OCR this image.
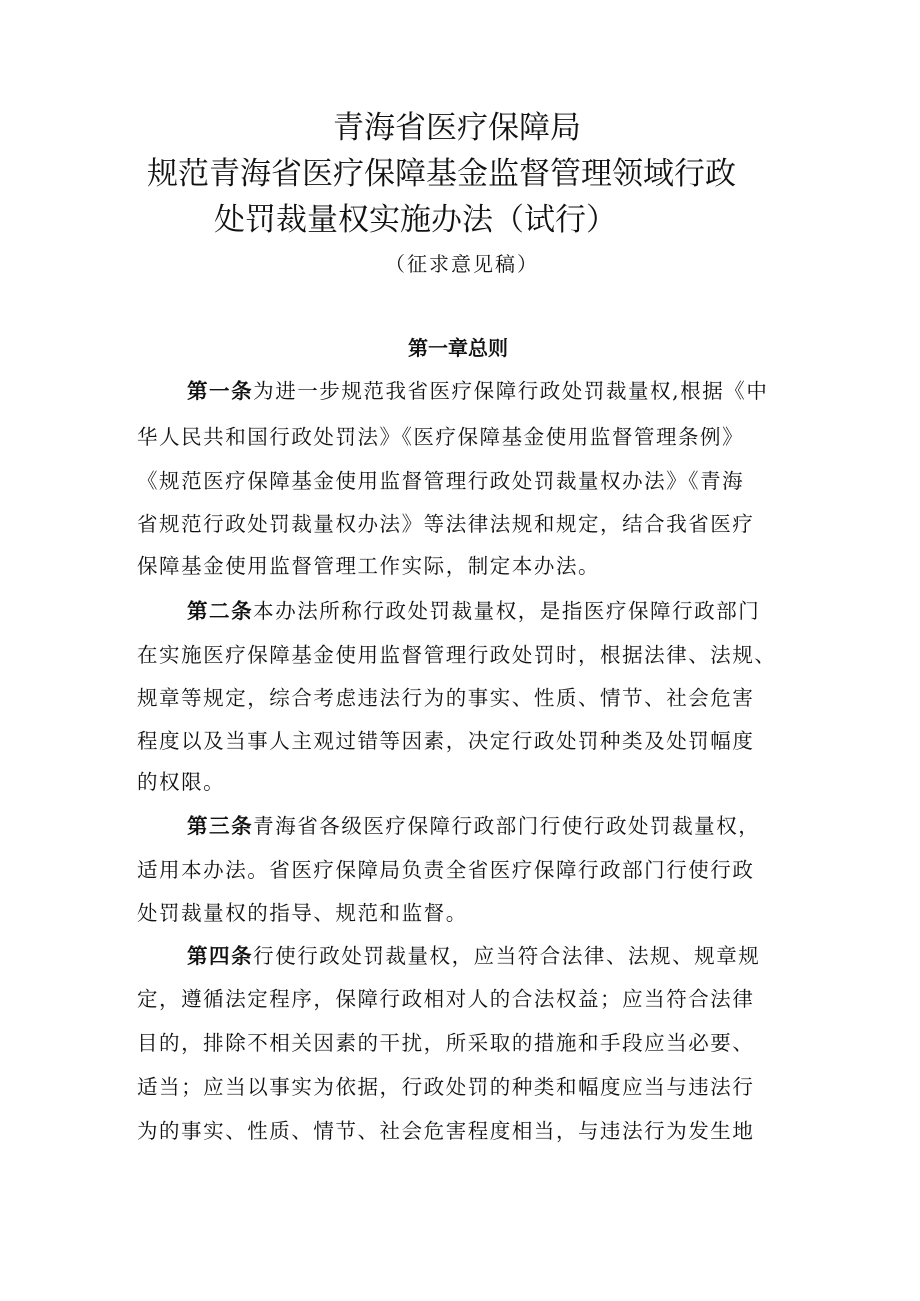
青海省医疗保障局
规范青海省医疗保障基金监督管理领域行政
处罚裁量权实施办法（试行）
（征求意见稿）
第一章总则
第一条为进一步规范我省医疗保障行政处罚裁量权,根据《中
华人民共和国行政处罚法》《医疗保障基金使用监督管理条例》
《规范医疗保障基金使用监督管理行政处罚裁量权办法》《青海
省规范行政处罚裁量权办法》等法律法规和规定，结合我省医疗
保障基金使用监督管理工作实际，制定本办法。
第二条本办法所称行政处罚裁量权，是指医疗保障行政部门
在实施医疗保障基金使用监督管理行政处罚时，根据法律、法规、
规章等规定，综合考虑违法行为的事实、性质、情节、社会危害
程度以及当事人主观过错等因素，决定行政处罚种类及处罚幅度
的权限。
第三条青海省各级医疗保障行政部门行使行政处罚裁量权，
适用本办法。省医疗保障局负责全省医疗保障行政部门行使行政
处罚裁量权的指导、规范和监督。
第四条行使行政处罚裁量权，应当符合法律、法规、规章规
定，遵循法定程序，保障行政相对人的合法权益；应当符合法律
目的，排除不相关因素的干扰，所采取的措施和手段应当必要、
适当；应当以事实为依据，行政处罚的种类和幅度应当与违法行
为的事实、性质、情节、社会危害程度相当，与违法行为发生地
